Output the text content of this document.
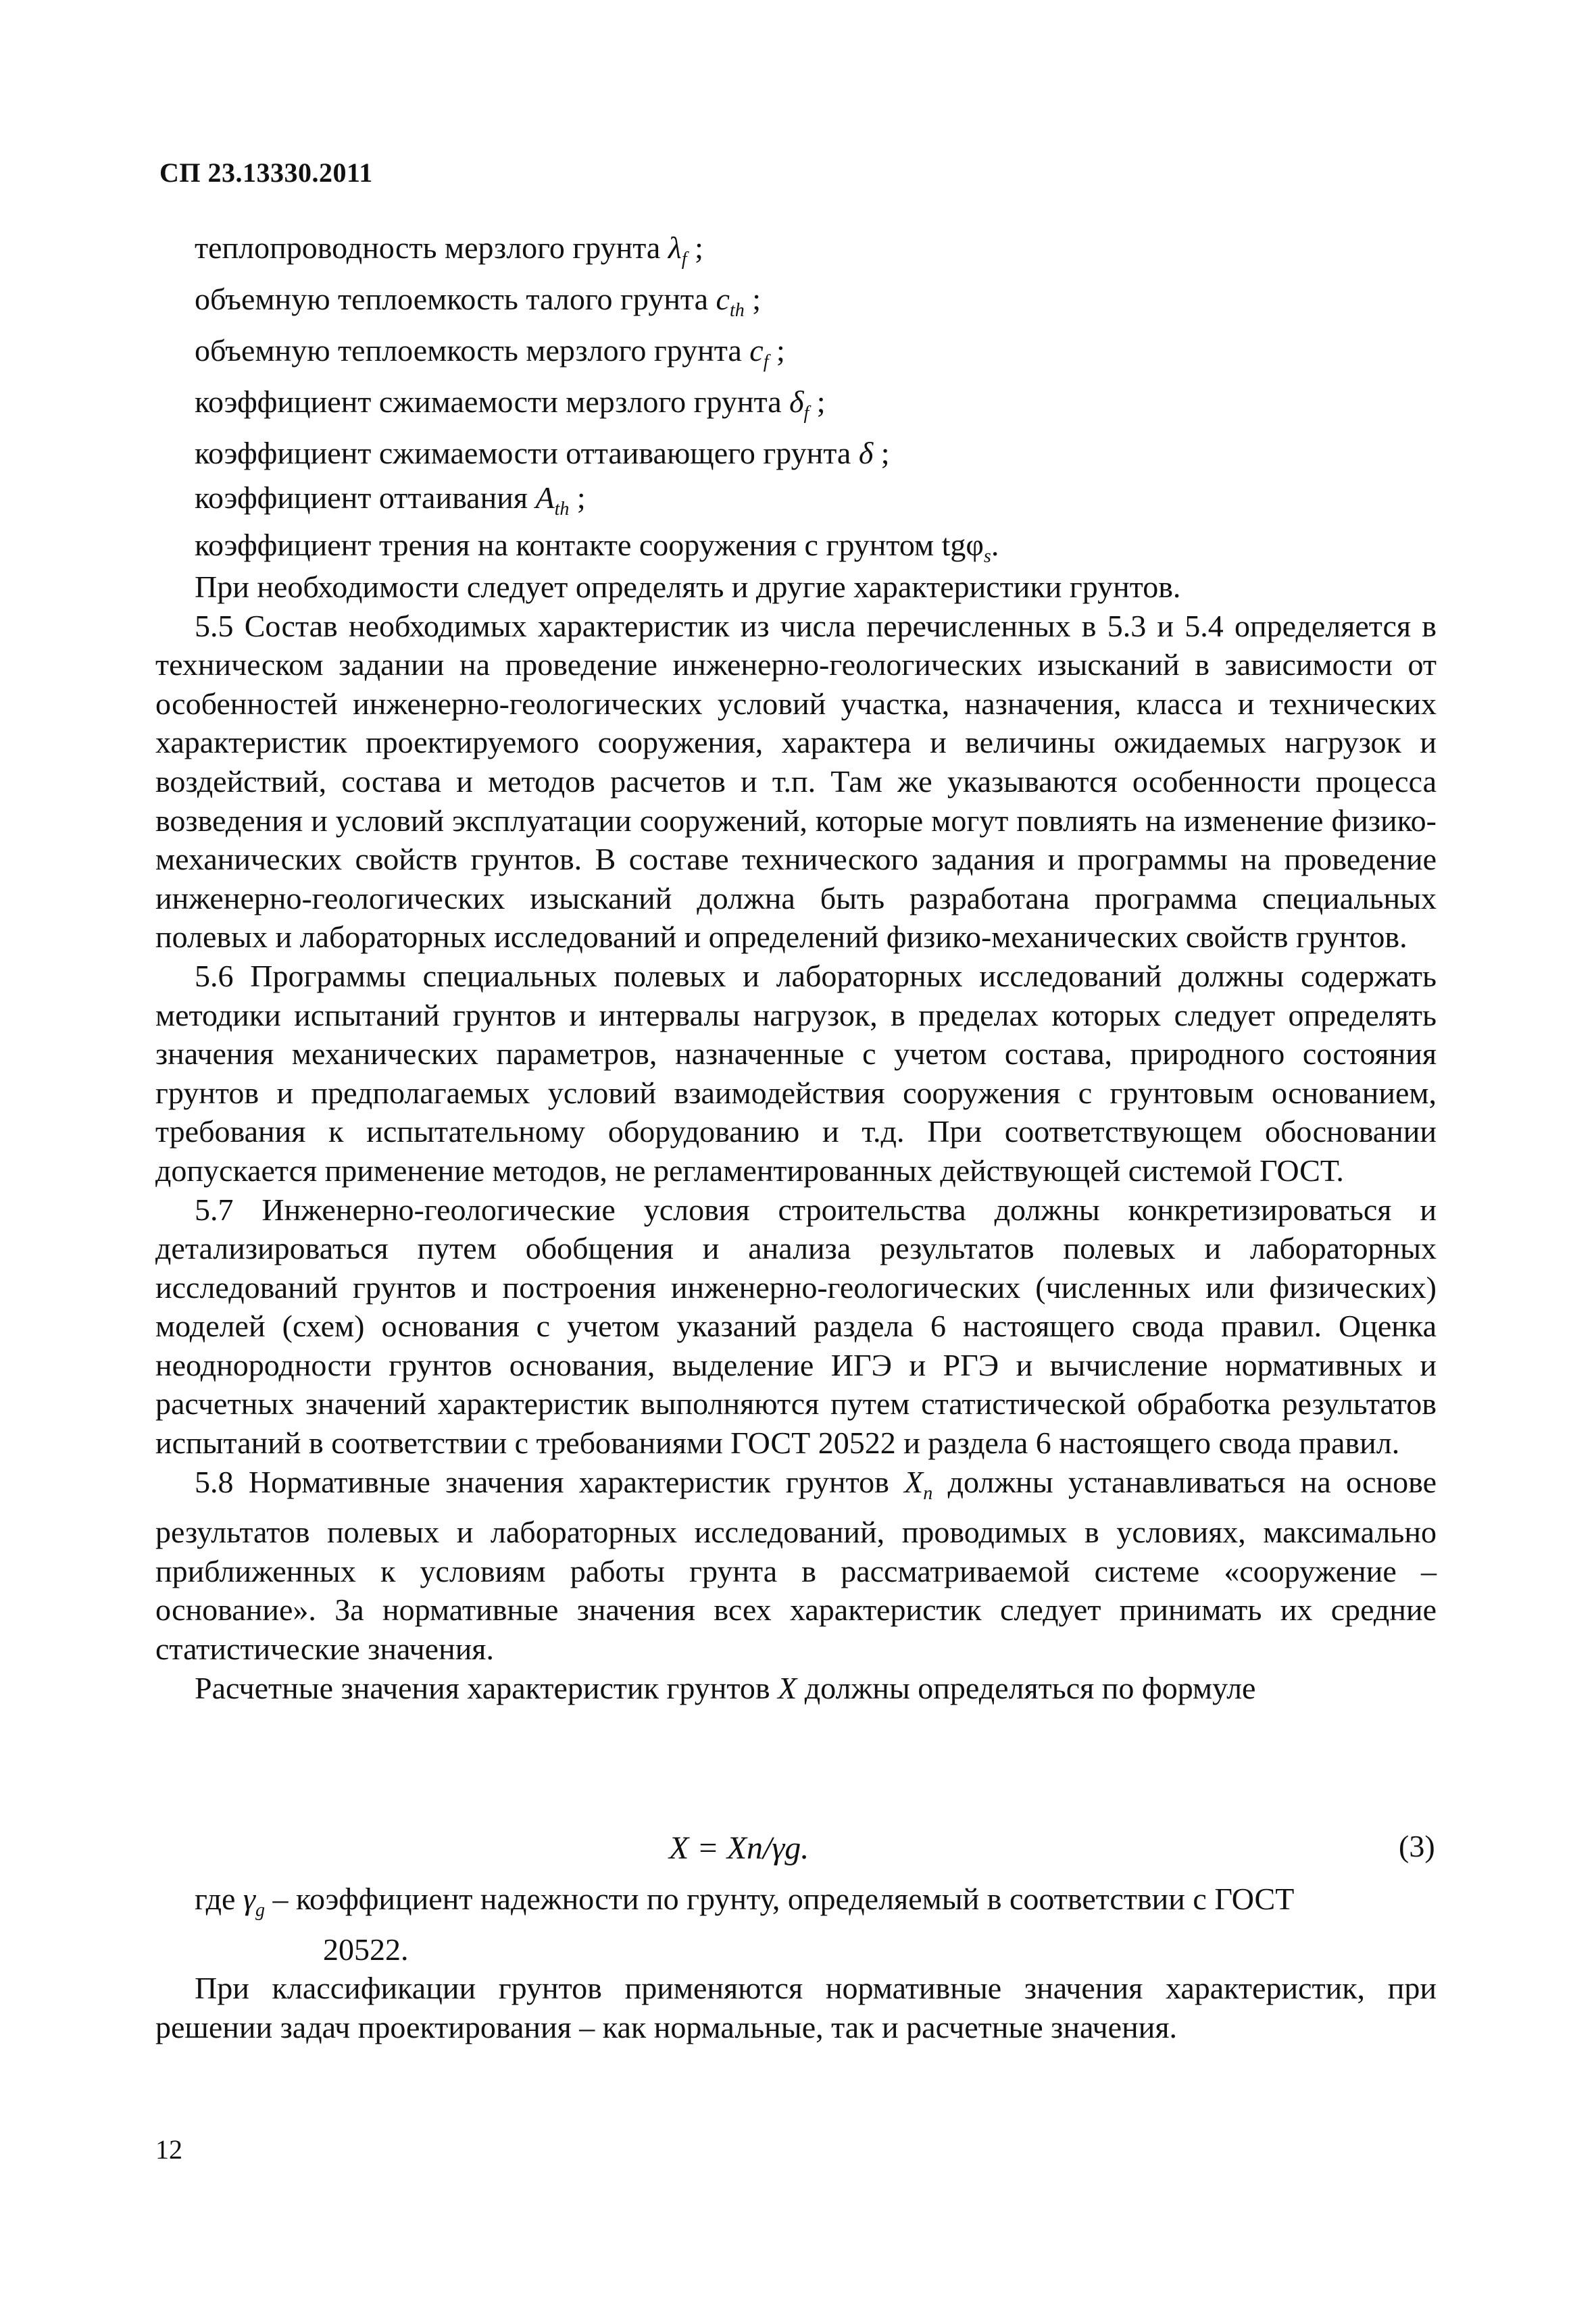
СП 23.13330.2011
теплопроводность мерзлого грунта $\lambda_f$ ;
объемную теплоемкость талого грунта $c_{th}$ ;
объемную теплоемкость мерзлого грунта $c_f$ ;
коэффициент сжимаемости мерзлого грунта $\delta_f$ ;
коэффициент сжимаемости оттаивающего грунта δ ;
коэффициент оттаивания $A_{th}$ ;
коэффициент трения на контакте сооружения с грунтом tgφ$_s$.

При необходимости следует определять и другие характеристики грунтов.

5.5 Состав необходимых характеристик из числа перечисленных в 5.3 и 5.4 определяется в техническом задании на проведение инженерно-геологических изысканий в зависимости от особенностей инженерно-геологических условий участка, назначения, класса и технических характеристик проектируемого сооружения, характера и величины ожидаемых нагрузок и воздействий, состава и методов расчетов и т.п. Там же указываются особенности процесса возведения и условий эксплуатации сооружений, которые могут повлиять на изменение физико-механических свойств грунтов. В составе технического задания и программы на проведение инженерно-геологических изысканий должна быть разработана программа специальных полевых и лабораторных исследований и определений физико-механических свойств грунтов.

5.6 Программы специальных полевых и лабораторных исследований должны содержать методики испытаний грунтов и интервалы нагрузок, в пределах которых следует определять значения механических параметров, назначенные с учетом состава, природного состояния грунтов и предполагаемых условий взаимодействия сооружения с грунтовым основанием, требования к испытательному оборудованию и т.д. При соответствующем обосновании допускается применение методов, не регламентированных действующей системой ГОСТ.

5.7 Инженерно-геологические условия строительства должны конкретизироваться и детализироваться путем обобщения и анализа результатов полевых и лабораторных исследований грунтов и построения инженерно-геологических (численных или физических) моделей (схем) основания с учетом указаний раздела 6 настоящего свода правил. Оценка неоднородности грунтов основания, выделение ИГЭ и РГЭ и вычисление нормативных и расчетных значений характеристик выполняются путем статистической обработка результатов испытаний в соответствии с требованиями ГОСТ 20522 и раздела 6 настоящего свода правил.

5.8 Нормативные значения характеристик грунтов $X_n$ должны устанавливаться на основе результатов полевых и лабораторных исследований, проводимых в условиях, максимально приближенных к условиям работы грунта в рассматриваемой системе «сооружение – основание». За нормативные значения всех характеристик следует принимать их средние статистические значения.

Расчетные значения характеристик грунтов X должны определяться по формуле

X = Xn/γg.	(3)
где $\gamma_g$ – коэффициент надежности по грунту, определяемый в соответствии с ГОСТ
20522.

При классификации грунтов применяются нормативные значения характеристик, при решении задач проектирования – как нормальные, так и расчетные значения.

12
